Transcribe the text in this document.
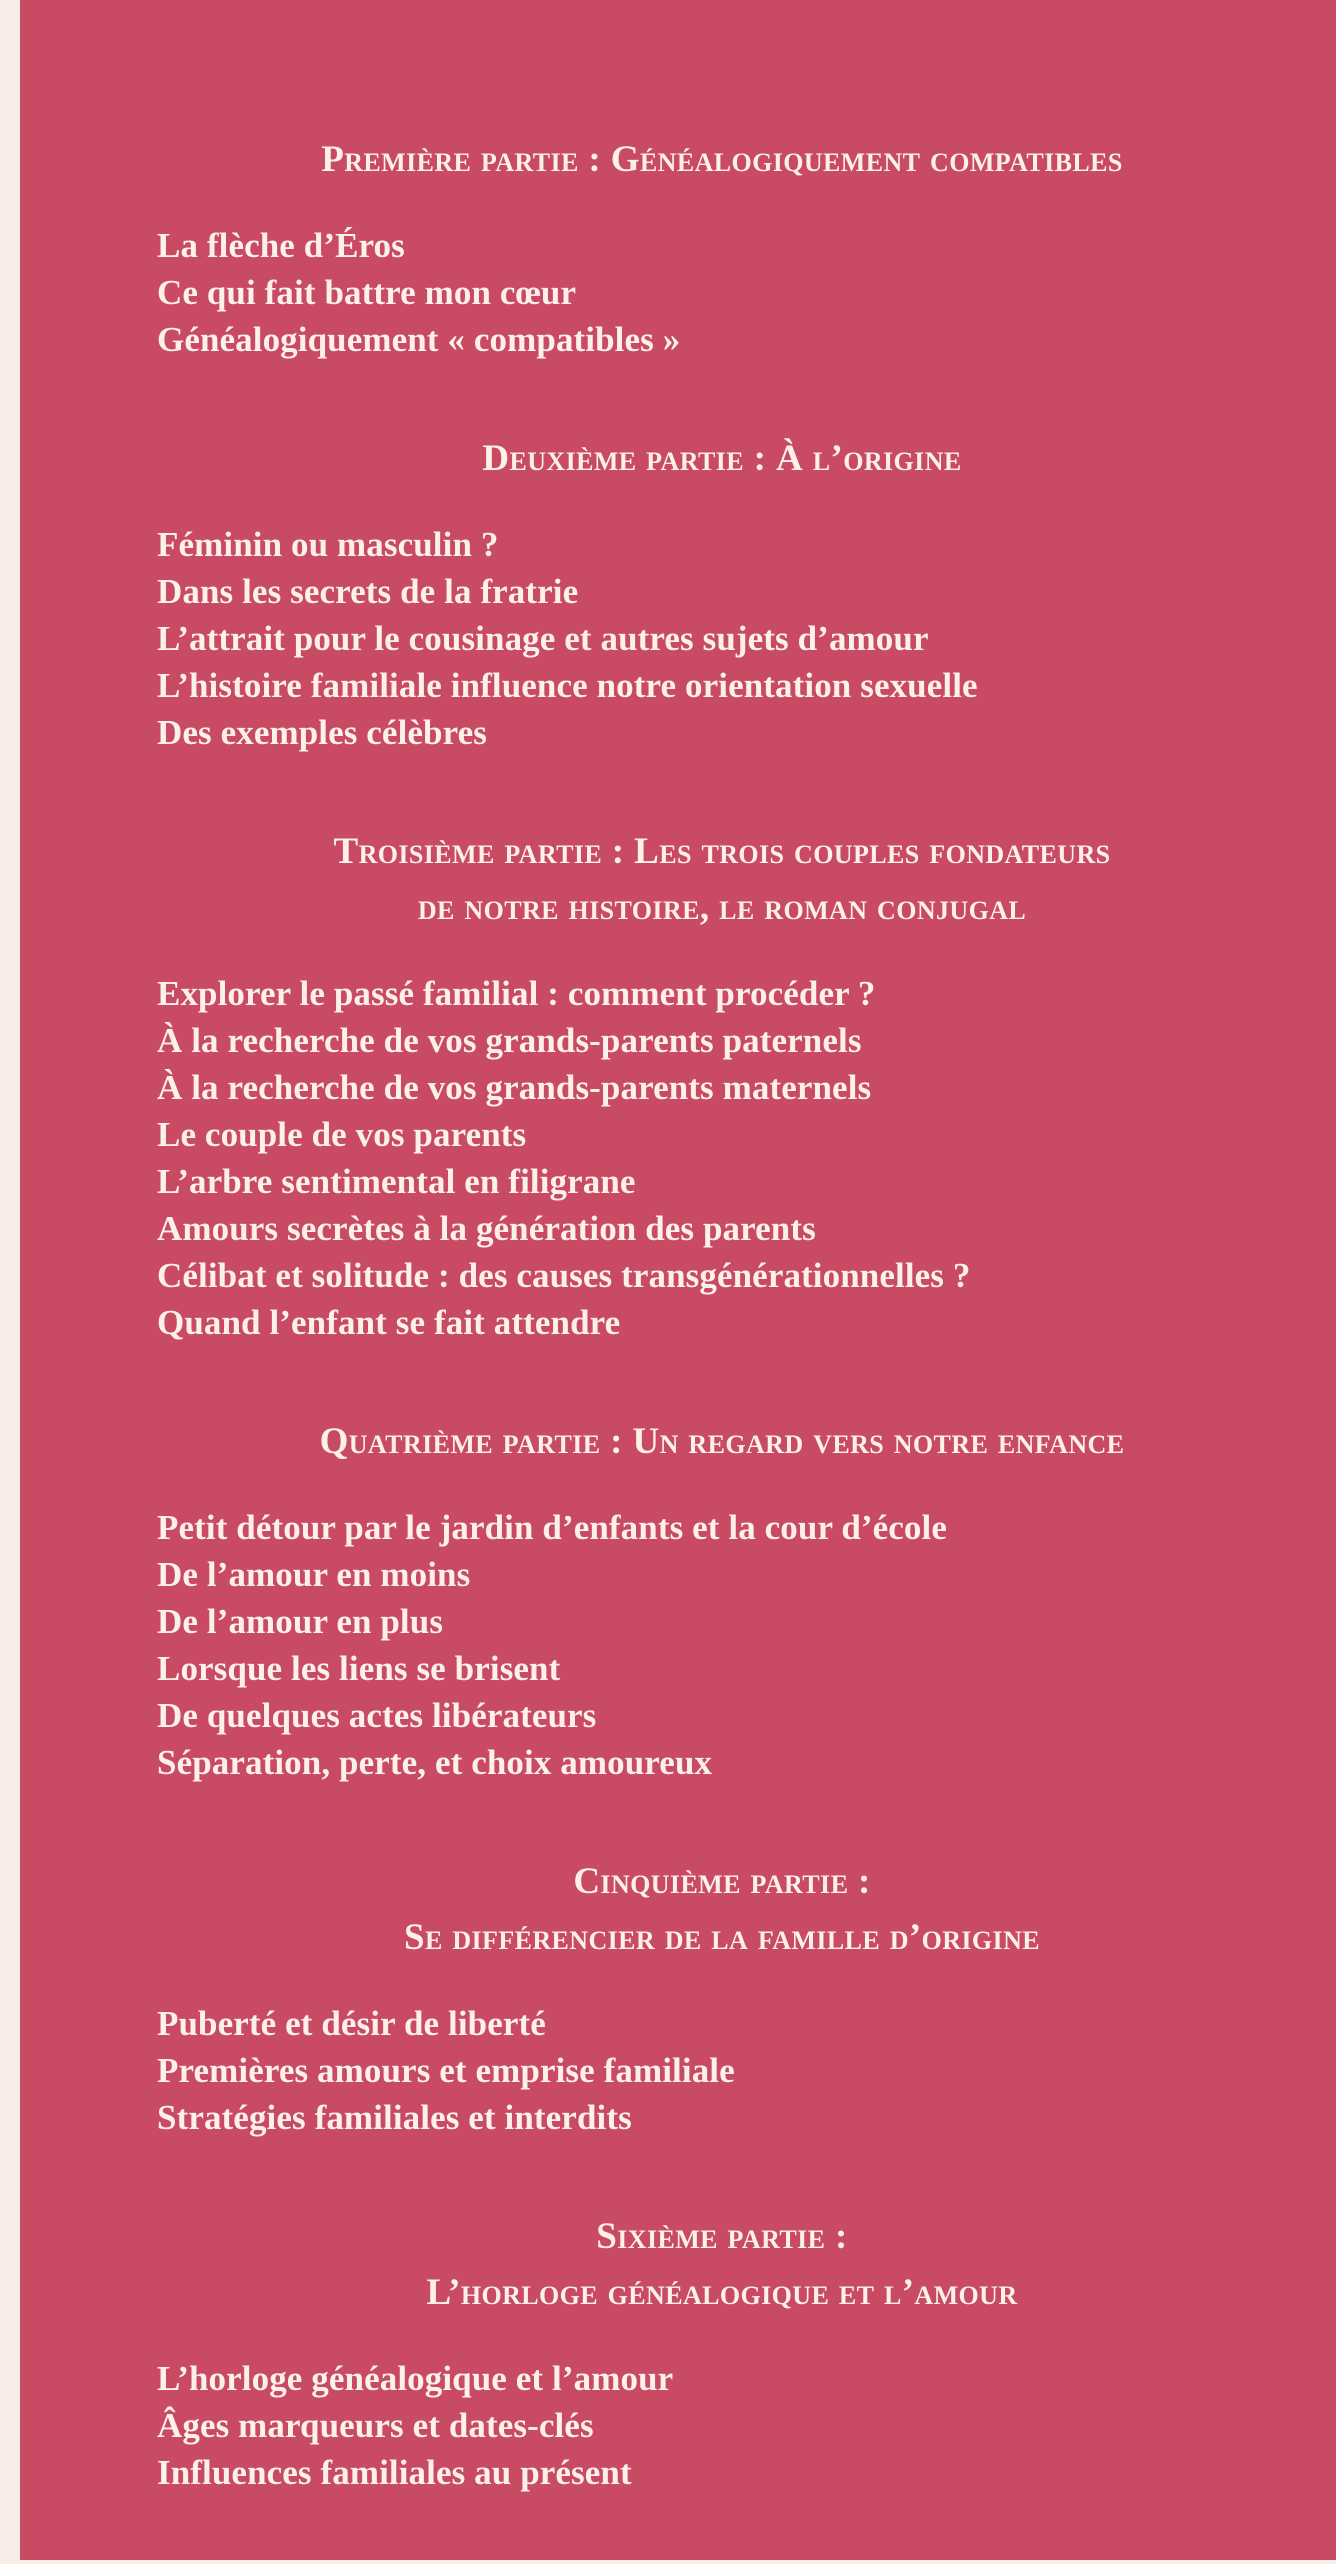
Première partie : Généalogiquement compatibles
La flèche d’Éros
Ce qui fait battre mon cœur
Généalogiquement « compatibles »
Deuxième partie : À l’origine
Féminin ou masculin ?
Dans les secrets de la fratrie
L’attrait pour le cousinage et autres sujets d’amour
L’histoire familiale influence notre orientation sexuelle
Des exemples célèbres
Troisième partie : Les trois couples fondateurs
de notre histoire, le roman conjugal
Explorer le passé familial : comment procéder ?
À la recherche de vos grands-parents paternels
À la recherche de vos grands-parents maternels
Le couple de vos parents
L’arbre sentimental en filigrane
Amours secrètes à la génération des parents
Célibat et solitude : des causes transgénérationnelles ?
Quand l’enfant se fait attendre
Quatrième partie : Un regard vers notre enfance
Petit détour par le jardin d’enfants et la cour d’école
De l’amour en moins
De l’amour en plus
Lorsque les liens se brisent
De quelques actes libérateurs
Séparation, perte, et choix amoureux
Cinquième partie :
Se différencier de la famille d’origine
Puberté et désir de liberté
Premières amours et emprise familiale
Stratégies familiales et interdits
Sixième partie :
L’horloge généalogique et l’amour
L’horloge généalogique et l’amour
Âges marqueurs et dates-clés
Influences familiales au présent
